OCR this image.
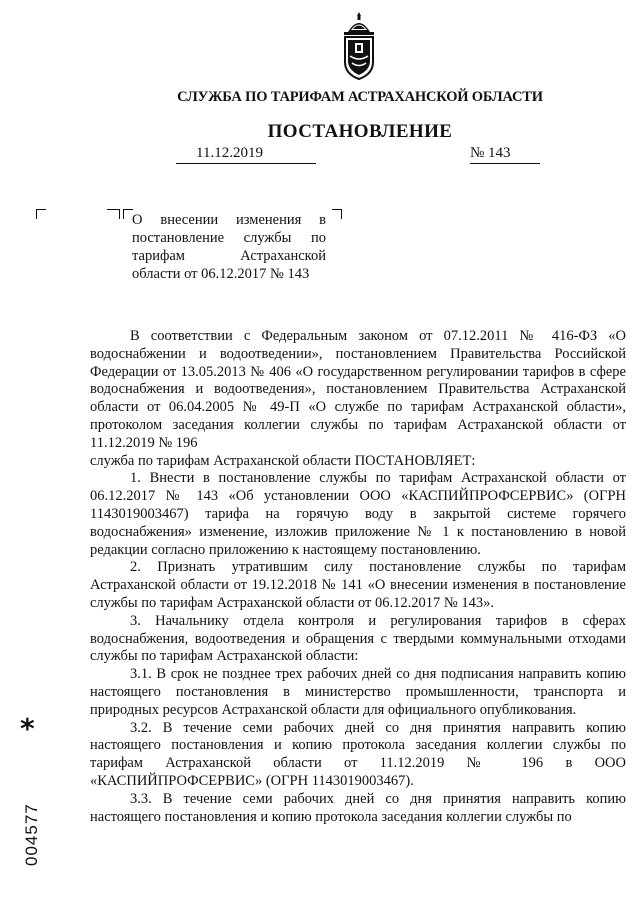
СЛУЖБА ПО ТАРИФАМ АСТРАХАНСКОЙ ОБЛАСТИ
ПОСТАНОВЛЕНИЕ
11.12.2019	№ 143
О внесении изменения в
постановление службы по
тарифам Астраханской
области от 06.12.2017 № 143

В соответствии с Федеральным законом от 07.12.2011 № 416-ФЗ «О водоснабжении и водоотведении», постановлением Правительства Российской Федерации от 13.05.2013 № 406 «О государственном регулировании тарифов в сфере водоснабжения и водоотведения», постановлением Правительства Астраханской области от 06.04.2005 № 49-П «О службе по тарифам Астраханской области», протоколом заседания коллегии службы по тарифам Астраханской области от 11.12.2019 № 196

служба по тарифам Астраханской области ПОСТАНОВЛЯЕТ:

1. Внести в постановление службы по тарифам Астраханской области от 06.12.2017 № 143 «Об установлении ООО «КАСПИЙПРОФСЕРВИС» (ОГРН 1143019003467) тарифа на горячую воду в закрытой системе горячего водоснабжения» изменение, изложив приложение № 1 к постановлению в новой редакции согласно приложению к настоящему постановлению.

2. Признать утратившим силу постановление службы по тарифам Астраханской области от 19.12.2018 № 141 «О внесении изменения в постановление службы по тарифам Астраханской области от 06.12.2017 № 143».

3. Начальнику отдела контроля и регулирования тарифов в сферах водоснабжения, водоотведения и обращения с твердыми коммунальными отходами службы по тарифам Астраханской области:

3.1. В срок не позднее трех рабочих дней со дня подписания направить копию настоящего постановления в министерство промышленности, транспорта и природных ресурсов Астраханской области для официального опубликования.

3.2. В течение семи рабочих дней со дня принятия направить копию настоящего постановления и копию протокола заседания коллегии службы по тарифам Астраханской области от 11.12.2019 № 196 в ООО «КАСПИЙПРОФСЕРВИС» (ОГРН 1143019003467).

3.3. В течение семи рабочих дней со дня принятия направить копию настоящего постановления и копию протокола заседания коллегии службы по

*
004577
